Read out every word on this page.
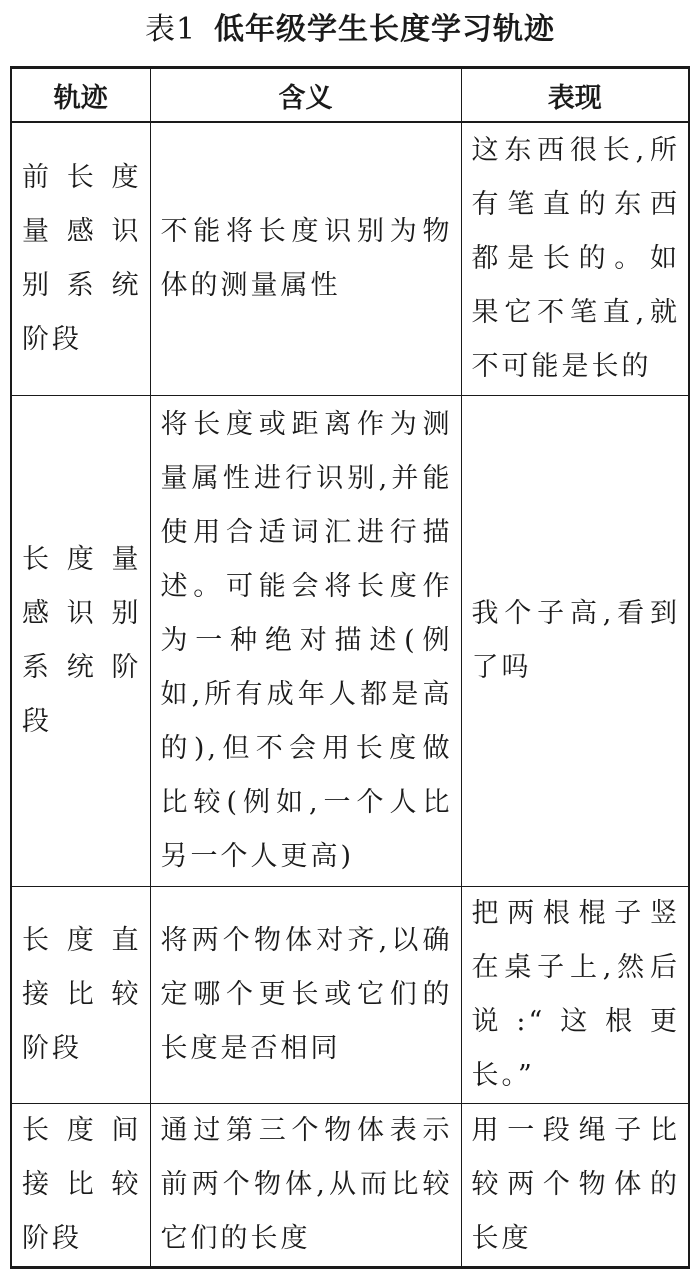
表1 低年级学生长度学习轨迹
轨迹	含义	表现
前长度量感识别系统阶段	不能将长度识别为物体的测量属性	这东西很长,所有笔直的东西都是长的。如果它不笔直,就不可能是长的
长度量感识别系统阶段	将长度或距离作为测量属性进行识别,并能使用合适词汇进行描述。可能会将长度作为一种绝对描述(例如,所有成年人都是高的),但不会用长度做比较(例如,一个人比另一个人更高)	我个子高,看到了吗
长度直接比较阶段	将两个物体对齐,以确定哪个更长或它们的长度是否相同	把两根棍子竖在桌子上,然后说:“这根更长。”
长度间接比较阶段	通过第三个物体表示前两个物体,从而比较它们的长度	用一段绳子比较两个物体的长度
